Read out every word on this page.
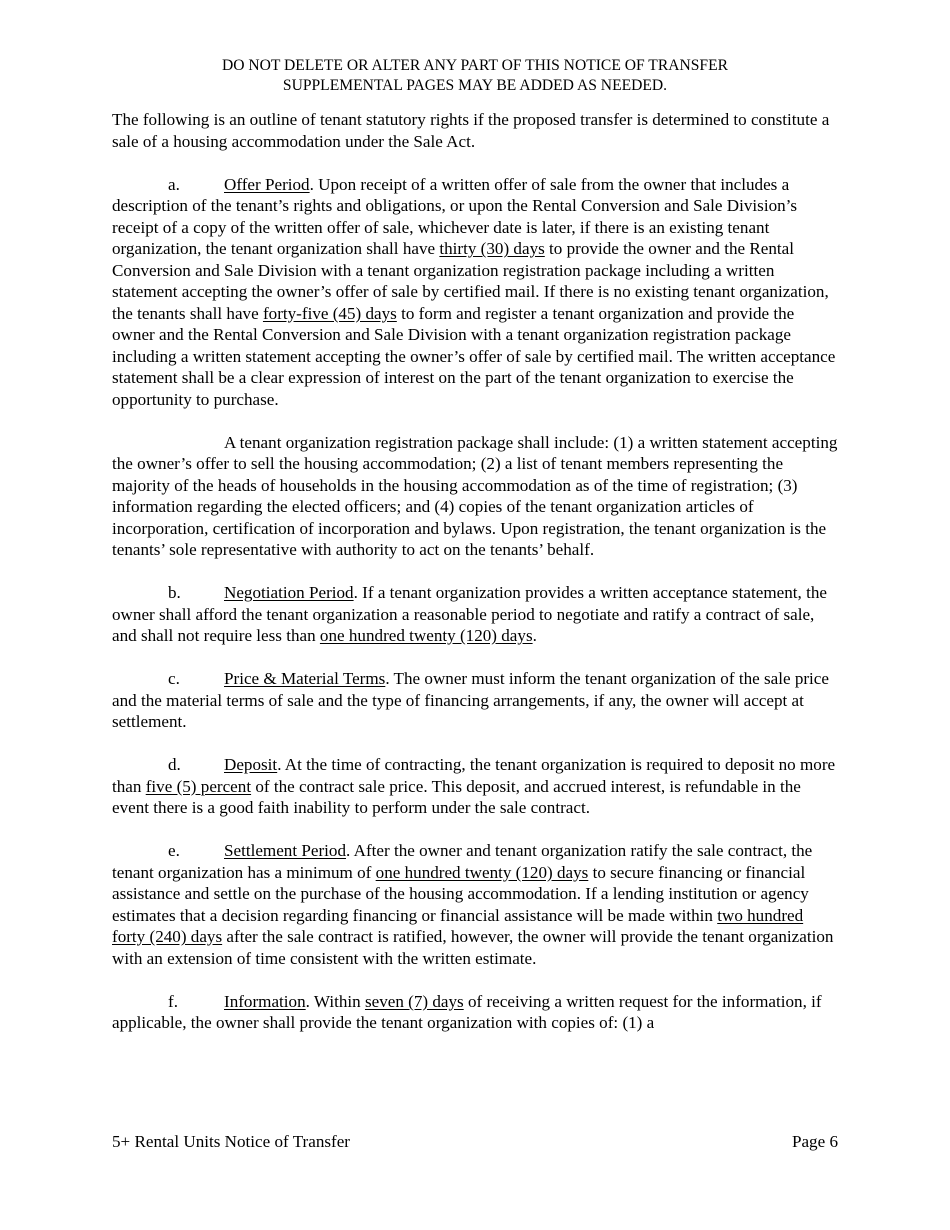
DO NOT DELETE OR ALTER ANY PART OF THIS NOTICE OF TRANSFER
SUPPLEMENTAL PAGES MAY BE ADDED AS NEEDED.

The following is an outline of tenant statutory rights if the proposed transfer is determined to constitute a sale of a housing accommodation under the Sale Act.

a.	Offer Period. Upon receipt of a written offer of sale from the owner that includes a description of the tenant’s rights and obligations, or upon the Rental Conversion and Sale Division’s receipt of a copy of the written offer of sale, whichever date is later, if there is an existing tenant organization, the tenant organization shall have thirty (30) days to provide the owner and the Rental Conversion and Sale Division with a tenant organization registration package including a written statement accepting the owner’s offer of sale by certified mail. If there is no existing tenant organization, the tenants shall have forty-five (45) days to form and register a tenant organization and provide the owner and the Rental Conversion and Sale Division with a tenant organization registration package including a written statement accepting the owner’s offer of sale by certified mail. The written acceptance statement shall be a clear expression of interest on the part of the tenant organization to exercise the opportunity to purchase.

A tenant organization registration package shall include: (1) a written statement accepting the owner’s offer to sell the housing accommodation; (2) a list of tenant members representing the majority of the heads of households in the housing accommodation as of the time of registration; (3) information regarding the elected officers; and (4) copies of the tenant organization articles of incorporation, certification of incorporation and bylaws. Upon registration, the tenant organization is the tenants’ sole representative with authority to act on the tenants’ behalf.

b.	Negotiation Period. If a tenant organization provides a written acceptance statement, the owner shall afford the tenant organization a reasonable period to negotiate and ratify a contract of sale, and shall not require less than one hundred twenty (120) days.

c.	Price & Material Terms. The owner must inform the tenant organization of the sale price and the material terms of sale and the type of financing arrangements, if any, the owner will accept at settlement.

d.	Deposit. At the time of contracting, the tenant organization is required to deposit no more than five (5) percent of the contract sale price. This deposit, and accrued interest, is refundable in the event there is a good faith inability to perform under the sale contract.

e.	Settlement Period. After the owner and tenant organization ratify the sale contract, the tenant organization has a minimum of one hundred twenty (120) days to secure financing or financial assistance and settle on the purchase of the housing accommodation. If a lending institution or agency estimates that a decision regarding financing or financial assistance will be made within two hundred forty (240) days after the sale contract is ratified, however, the owner will provide the tenant organization with an extension of time consistent with the written estimate.

f.	Information. Within seven (7) days of receiving a written request for the information, if applicable, the owner shall provide the tenant organization with copies of: (1) a

5+ Rental Units Notice of Transfer	Page 6
